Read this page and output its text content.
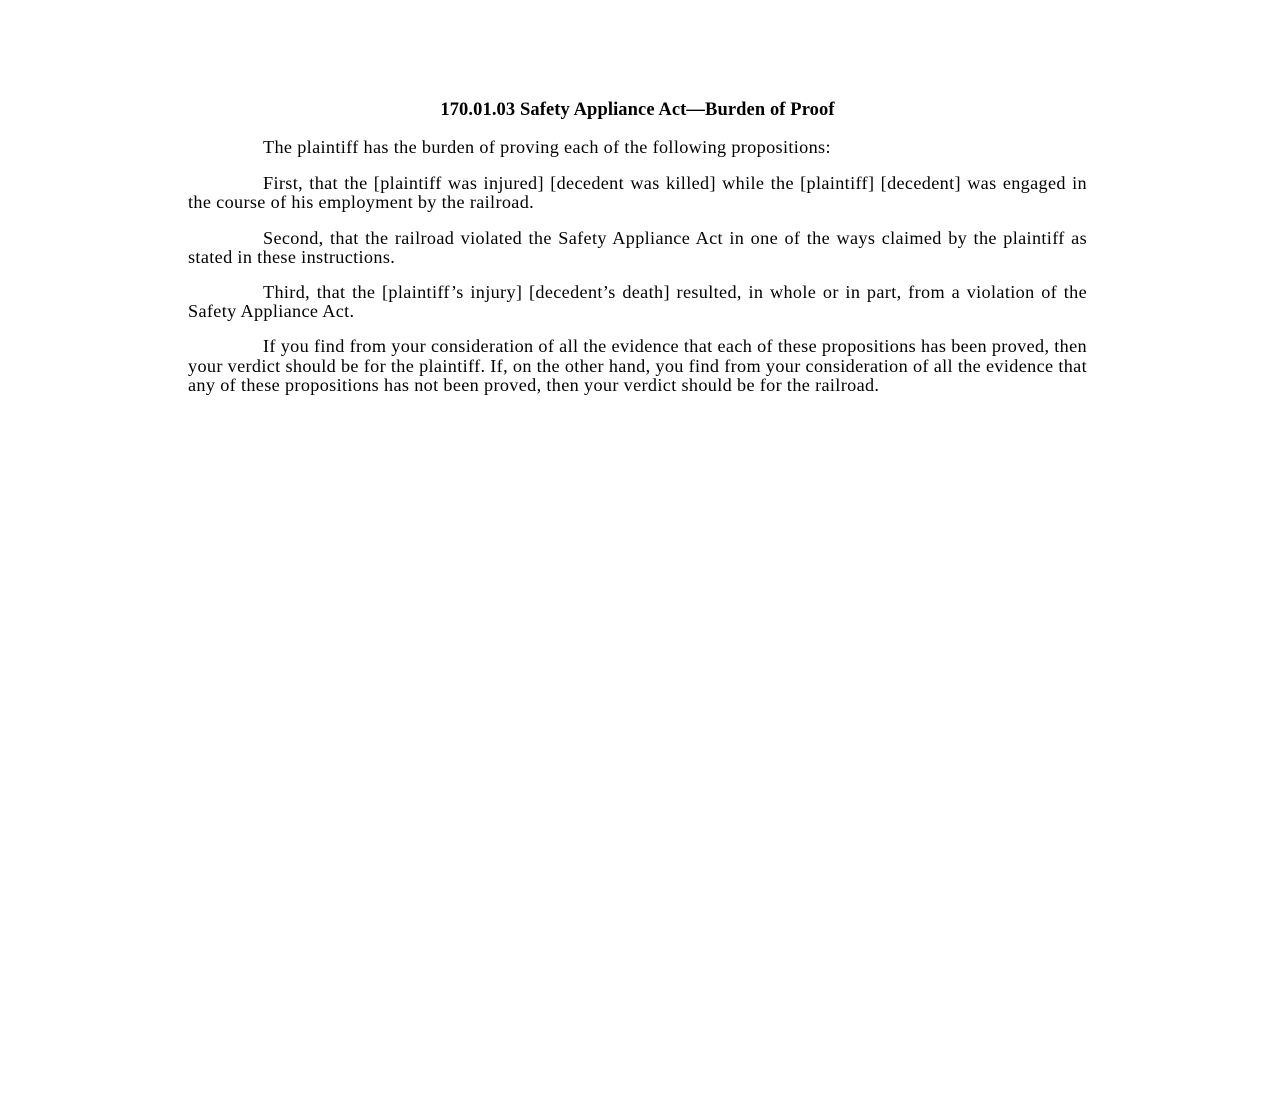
170.01.03 Safety Appliance Act—Burden of Proof

The plaintiff has the burden of proving each of the following propositions:

First, that the [plaintiff was injured] [decedent was killed] while the [plaintiff] [decedent] was engaged in the course of his employment by the railroad.

Second, that the railroad violated the Safety Appliance Act in one of the ways claimed by the plaintiff as stated in these instructions.

Third, that the [plaintiff’s injury] [decedent’s death] resulted, in whole or in part, from a violation of the Safety Appliance Act.

If you find from your consideration of all the evidence that each of these propositions has been proved, then your verdict should be for the plaintiff. If, on the other hand, you find from your consideration of all the evidence that any of these propositions has not been proved, then your verdict should be for the railroad.
